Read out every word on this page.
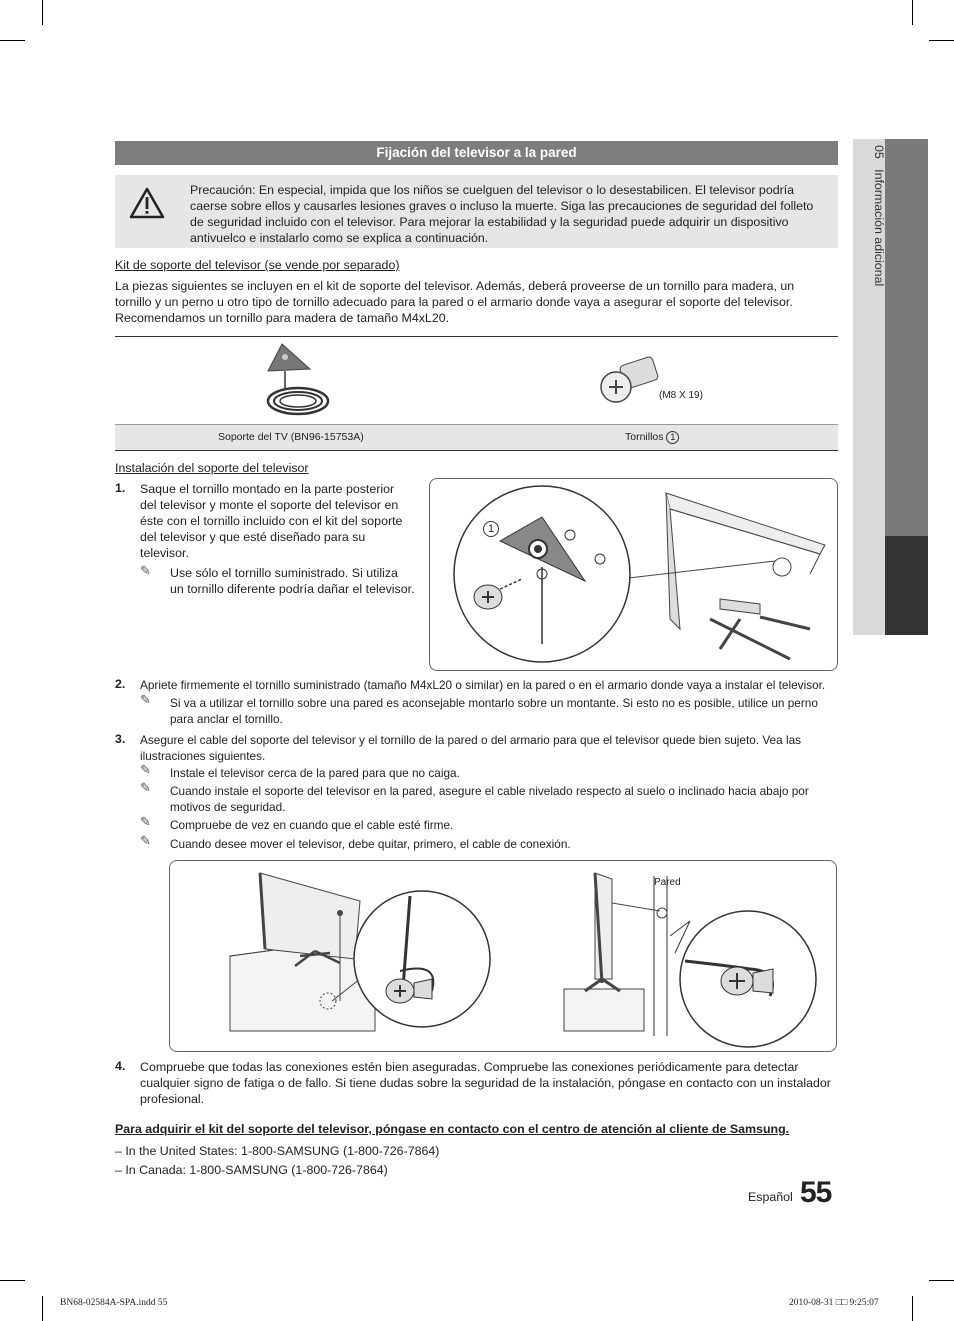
05   Información adicional
Fijación del televisor a la pared
Precaución: En especial, impida que los niños se cuelguen del televisor o lo desestabilicen. El televisor podría caerse sobre ellos y causarles lesiones graves o incluso la muerte. Siga las precauciones de seguridad del folleto de seguridad incluido con el televisor. Para mejorar la estabilidad y la seguridad puede adquirir un dispositivo antivuelco e instalarlo como se explica a continuación.
Kit de soporte del televisor (se vende por separado)
La piezas siguientes se incluyen en el kit de soporte del televisor. Además, deberá proveerse de un tornillo para madera, un tornillo y un perno u otro tipo de tornillo adecuado para la pared o el armario donde vaya a asegurar el soporte del televisor. Recomendamos un tornillo para madera de tamaño M4xL20.
(M8 X 19)
Soporte del TV (BN96-15753A)	Tornillos 1
Instalación del soporte del televisor
1. Saque el tornillo montado en la parte posterior del televisor y monte el soporte del televisor en éste con el tornillo incluido con el kit del soporte del televisor y que esté diseñado para su televisor.
✎ Use sólo el tornillo suministrado. Si utiliza un tornillo diferente podría dañar el televisor.
1
2. Apriete firmemente el tornillo suministrado (tamaño M4xL20 o similar) en la pared o en el armario donde vaya a instalar el televisor.
✎ Si va a utilizar el tornillo sobre una pared es aconsejable montarlo sobre un montante. Si esto no es posible, utilice un perno para anclar el tornillo.
3. Asegure el cable del soporte del televisor y el tornillo de la pared o del armario para que el televisor quede bien sujeto. Vea las ilustraciones siguientes.
✎ Instale el televisor cerca de la pared para que no caiga.
✎ Cuando instale el soporte del televisor en la pared, asegure el cable nivelado respecto al suelo o inclinado hacia abajo por motivos de seguridad.
✎ Compruebe de vez en cuando que el cable esté firme.
✎ Cuando desee mover el televisor, debe quitar, primero, el cable de conexión.
Pared
4. Compruebe que todas las conexiones estén bien aseguradas. Compruebe las conexiones periódicamente para detectar cualquier signo de fatiga o de fallo. Si tiene dudas sobre la seguridad de la instalación, póngase en contacto con un instalador profesional.
Para adquirir el kit del soporte del televisor, póngase en contacto con el centro de atención al cliente de Samsung.
– In the United States: 1-800-SAMSUNG (1-800-726-7864)
– In Canada: 1-800-SAMSUNG (1-800-726-7864)
Español 55
BN68-02584A-SPA.indd 55	2010-08-31 □□ 9:25:07
